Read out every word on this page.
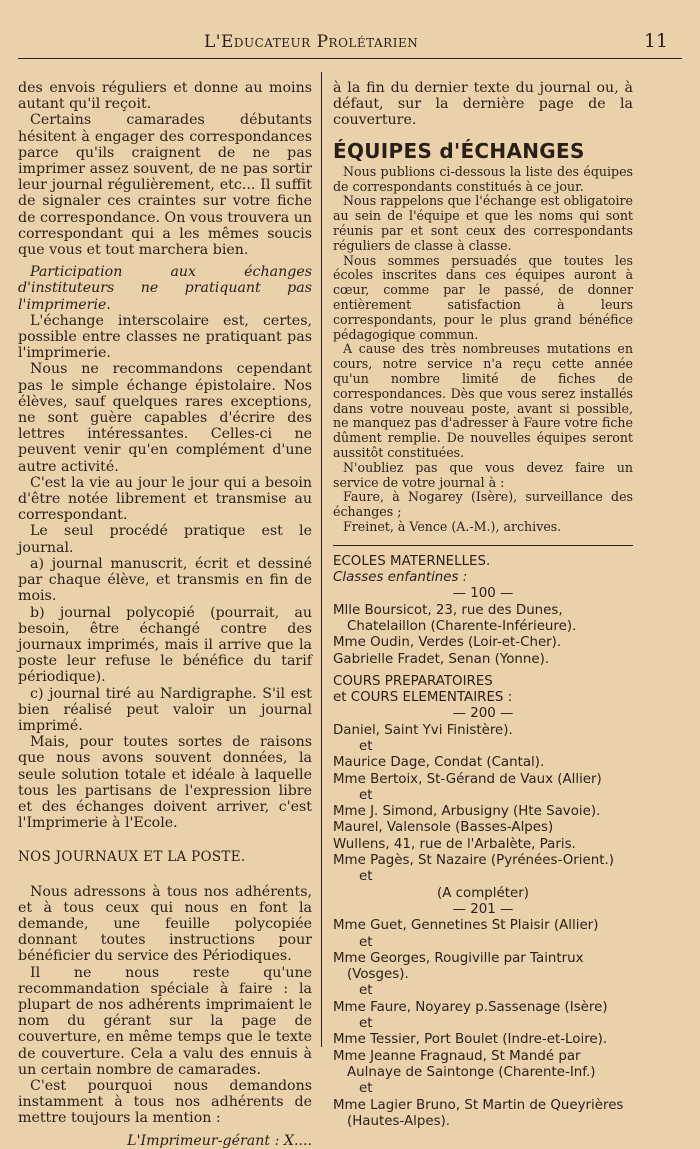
L'Educateur Prolétarien	11

des envois réguliers et donne au moins autant qu'il reçoit.

Certains camarades débutants hésitent à engager des correspondances parce qu'ils craignent de ne pas imprimer assez souvent, de ne pas sortir leur journal régulièrement, etc... Il suffit de signaler ces craintes sur votre fiche de correspondance. On vous trouvera un correspondant qui a les mêmes soucis que vous et tout marchera bien.

Participation aux échanges d'instituteurs ne pratiquant pas l'imprimerie.

L'échange interscolaire est, certes, possible entre classes ne pratiquant pas l'imprimerie.

Nous ne recommandons cependant pas le simple échange épistolaire. Nos élèves, sauf quelques rares exceptions, ne sont guère capables d'écrire des lettres intéressantes. Celles-ci ne peuvent venir qu'en complément d'une autre activité.

C'est la vie au jour le jour qui a besoin d'être notée librement et transmise au correspondant.

Le seul procédé pratique est le journal.

a) journal manuscrit, écrit et dessiné par chaque élève, et transmis en fin de mois.

b) journal polycopié (pourrait, au besoin, être échangé contre des journaux imprimés, mais il arrive que la poste leur refuse le bénéfice du tarif périodique).

c) journal tiré au Nardigraphe. S'il est bien réalisé peut valoir un journal imprimé.

Mais, pour toutes sortes de raisons que nous avons souvent données, la seule solution totale et idéale à laquelle tous les partisans de l'expression libre et des échanges doivent arriver, c'est l'Imprimerie à l'Ecole.

NOS JOURNAUX ET LA POSTE.

Nous adressons à tous nos adhérents, et à tous ceux qui nous en font la demande, une feuille polycopiée donnant toutes instructions pour bénéficier du service des Périodiques.

Il ne nous reste qu'une recommandation spéciale à faire : la plupart de nos adhérents imprimaient le nom du gérant sur la page de couverture, en même temps que le texte de couverture. Cela a valu des ennuis à un certain nombre de camarades.

C'est pourquoi nous demandons instamment à tous nos adhérents de mettre toujours la mention :

L'Imprimeur-gérant : X....

à la fin du dernier texte du journal ou, à défaut, sur la dernière page de la couverture.

ÉQUIPES d'ÉCHANGES

Nous publions ci-dessous la liste des équipes de correspondants constitués à ce jour.

Nous rappelons que l'échange est obligatoire au sein de l'équipe et que les noms qui sont réunis par et sont ceux des correspondants réguliers de classe à classe.

Nous sommes persuadés que toutes les écoles inscrites dans ces équipes auront à cœur, comme par le passé, de donner entièrement satisfaction à leurs correspondants, pour le plus grand bénéfice pédagogique commun.

A cause des très nombreuses mutations en cours, notre service n'a reçu cette année qu'un nombre limité de fiches de correspondances. Dès que vous serez installés dans votre nouveau poste, avant si possible, ne manquez pas d'adresser à Faure votre fiche dûment remplie. De nouvelles équipes seront aussitôt constituées.

N'oubliez pas que vous devez faire un service de votre journal à :

Faure, à Nogarey (Isère), surveillance des échanges ;

Freinet, à Vence (A.-M.), archives.

ECOLES MATERNELLES.

Classes enfantines :

— 100 —

Mlle Boursicot, 23, rue des Dunes, Chatelaillon (Charente-Inférieure).

Mme Oudin, Verdes (Loir-et-Cher).

Gabrielle Fradet, Senan (Yonne).

COURS PREPARATOIRES

et COURS ELEMENTAIRES :

— 200 —

Daniel, Saint Yvi Finistère).

et

Maurice Dage, Condat (Cantal).

Mme Bertoix, St-Gérand de Vaux (Allier)

et

Mme J. Simond, Arbusigny (Hte Savoie).

Maurel, Valensole (Basses-Alpes)

Wullens, 41, rue de l'Arbalète, Paris.

Mme Pagès, St Nazaire (Pyrénées-Orient.)

et

(A compléter)

— 201 —

Mme Guet, Gennetines St Plaisir (Allier)

et

Mme Georges, Rougiville par Taintrux (Vosges).

et

Mme Faure, Noyarey p.Sassenage (Isère)

et

Mme Tessier, Port Boulet (Indre-et-Loire).

Mme Jeanne Fragnaud, St Mandé par Aulnaye de Saintonge (Charente-Inf.)

et

Mme Lagier Bruno, St Martin de Queyrières (Hautes-Alpes).
